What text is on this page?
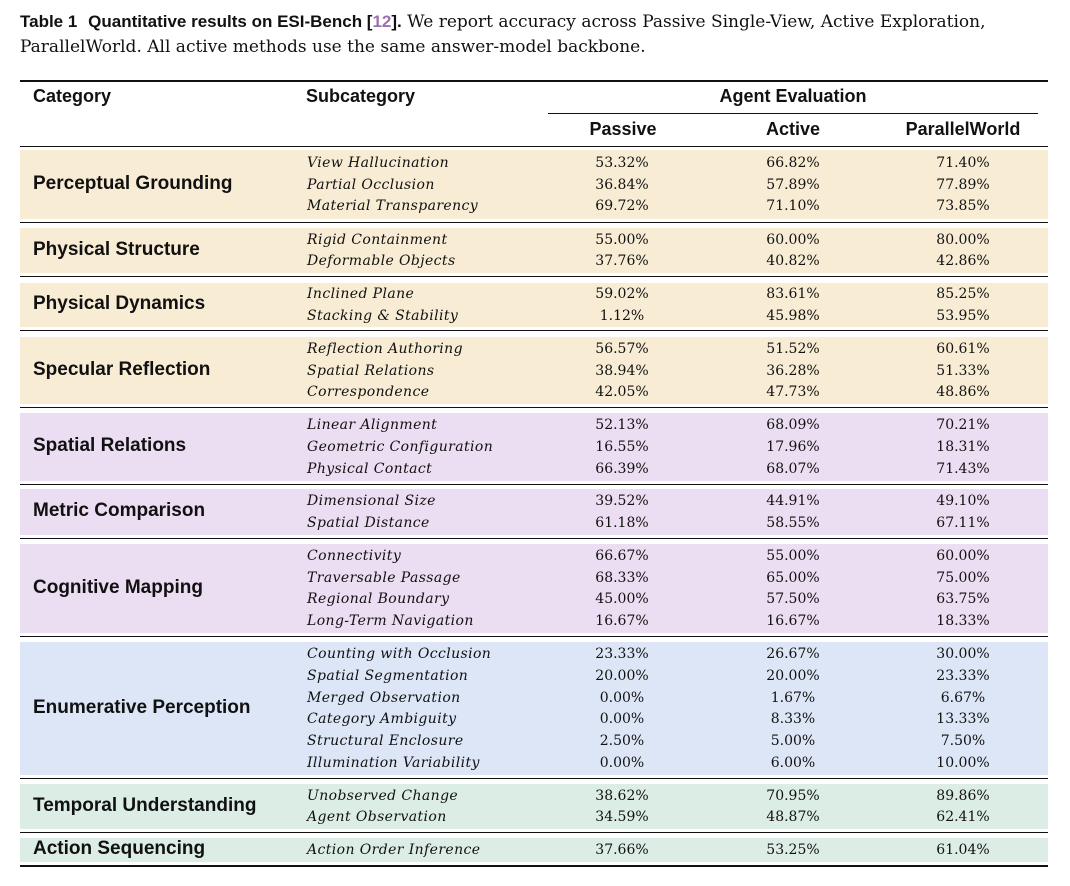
Table 1 Quantitative results on ESI-Bench [12]. We report accuracy across Passive Single-View, Active Exploration, ParallelWorld. All active methods use the same answer-model backbone.
Category	Subcategory	Agent Evaluation
Passive	Active	ParallelWorld
Perceptual Grounding
View Hallucination	53.32%	66.82%	71.40%
Partial Occlusion	36.84%	57.89%	77.89%
Material Transparency	69.72%	71.10%	73.85%
Physical Structure	Rigid Containment	55.00%	60.00%	80.00%
Deformable Objects	37.76%	40.82%	42.86%
Physical Dynamics	Inclined Plane	59.02%	83.61%	85.25%
Stacking & Stability	1.12%	45.98%	53.95%
Specular Reflection
Reflection Authoring	56.57%	51.52%	60.61%
Spatial Relations	38.94%	36.28%	51.33%
Correspondence	42.05%	47.73%	48.86%
Spatial Relations
Linear Alignment	52.13%	68.09%	70.21%
Geometric Configuration	16.55%	17.96%	18.31%
Physical Contact	66.39%	68.07%	71.43%
Metric Comparison	Dimensional Size	39.52%	44.91%	49.10%
Spatial Distance	61.18%	58.55%	67.11%
Cognitive Mapping
Connectivity	66.67%	55.00%	60.00%
Traversable Passage	68.33%	65.00%	75.00%
Regional Boundary	45.00%	57.50%	63.75%
Long-Term Navigation	16.67%	16.67%	18.33%
Enumerative Perception
Counting with Occlusion	23.33%	26.67%	30.00%
Spatial Segmentation	20.00%	20.00%	23.33%
Merged Observation	0.00%	1.67%	6.67%
Category Ambiguity	0.00%	8.33%	13.33%
Structural Enclosure	2.50%	5.00%	7.50%
Illumination Variability	0.00%	6.00%	10.00%
Temporal Understanding	Unobserved Change	38.62%	70.95%	89.86%
Agent Observation	34.59%	48.87%	62.41%
Action Sequencing	Action Order Inference	37.66%	53.25%	61.04%
